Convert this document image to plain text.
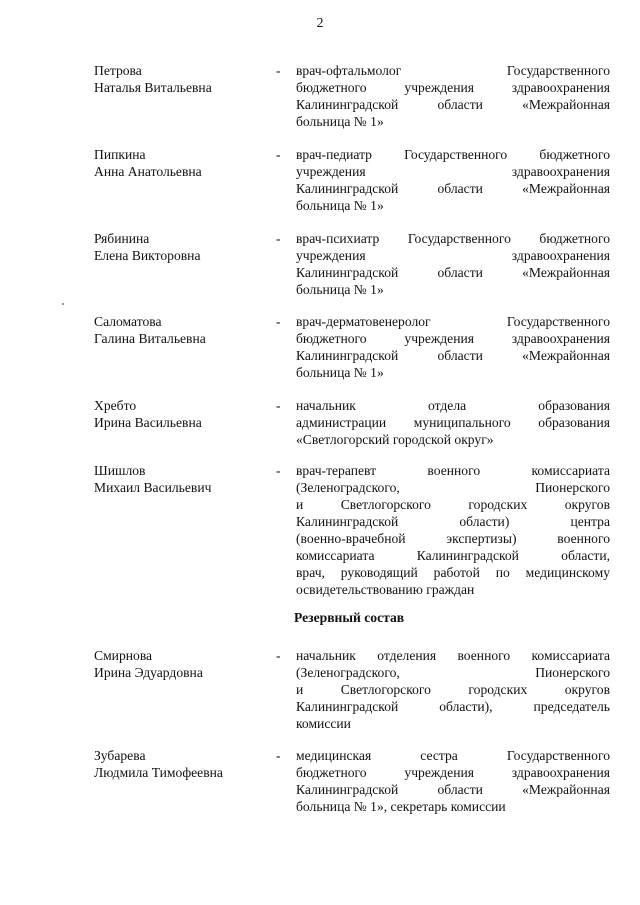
2
Петрова
Наталья Витальевна
- врач-офтальмолог Государственного
бюджетного учреждения здравоохранения
Калининградской области «Межрайонная
больница № 1»
Пипкина
Анна Анатольевна
- врач-педиатр Государственного бюджетного
учреждения здравоохранения
Калининградской области «Межрайонная
больница № 1»
Рябинина
Елена Викторовна
- врач-психиатр Государственного бюджетного
учреждения здравоохранения
Калининградской области «Межрайонная
больница № 1»
Саломатова
Галина Витальевна
- врач-дерматовенеролог Государственного
бюджетного учреждения здравоохранения
Калининградской области «Межрайонная
больница № 1»
Хребто
Ирина Васильевна
- начальник отдела образования
администрации муниципального образования
«Светлогорский городской округ»
Шишлов
Михаил Васильевич
- врач-терапевт военного комиссариата
(Зеленоградского, Пионерского
и Светлогорского городских округов
Калининградской области) центра
(военно-врачебной экспертизы) военного
комиссариата Калининградской области,
врач, руководящий работой по медицинскому
освидетельствованию граждан
Резервный состав
Смирнова
Ирина Эдуардовна
- начальник отделения военного комиссариата
(Зеленоградского, Пионерского
и Светлогорского городских округов
Калининградской области), председатель
комиссии
Зубарева
Людмила Тимофеевна
- медицинская сестра Государственного
бюджетного учреждения здравоохранения
Калининградской области «Межрайонная
больница № 1», секретарь комиссии
